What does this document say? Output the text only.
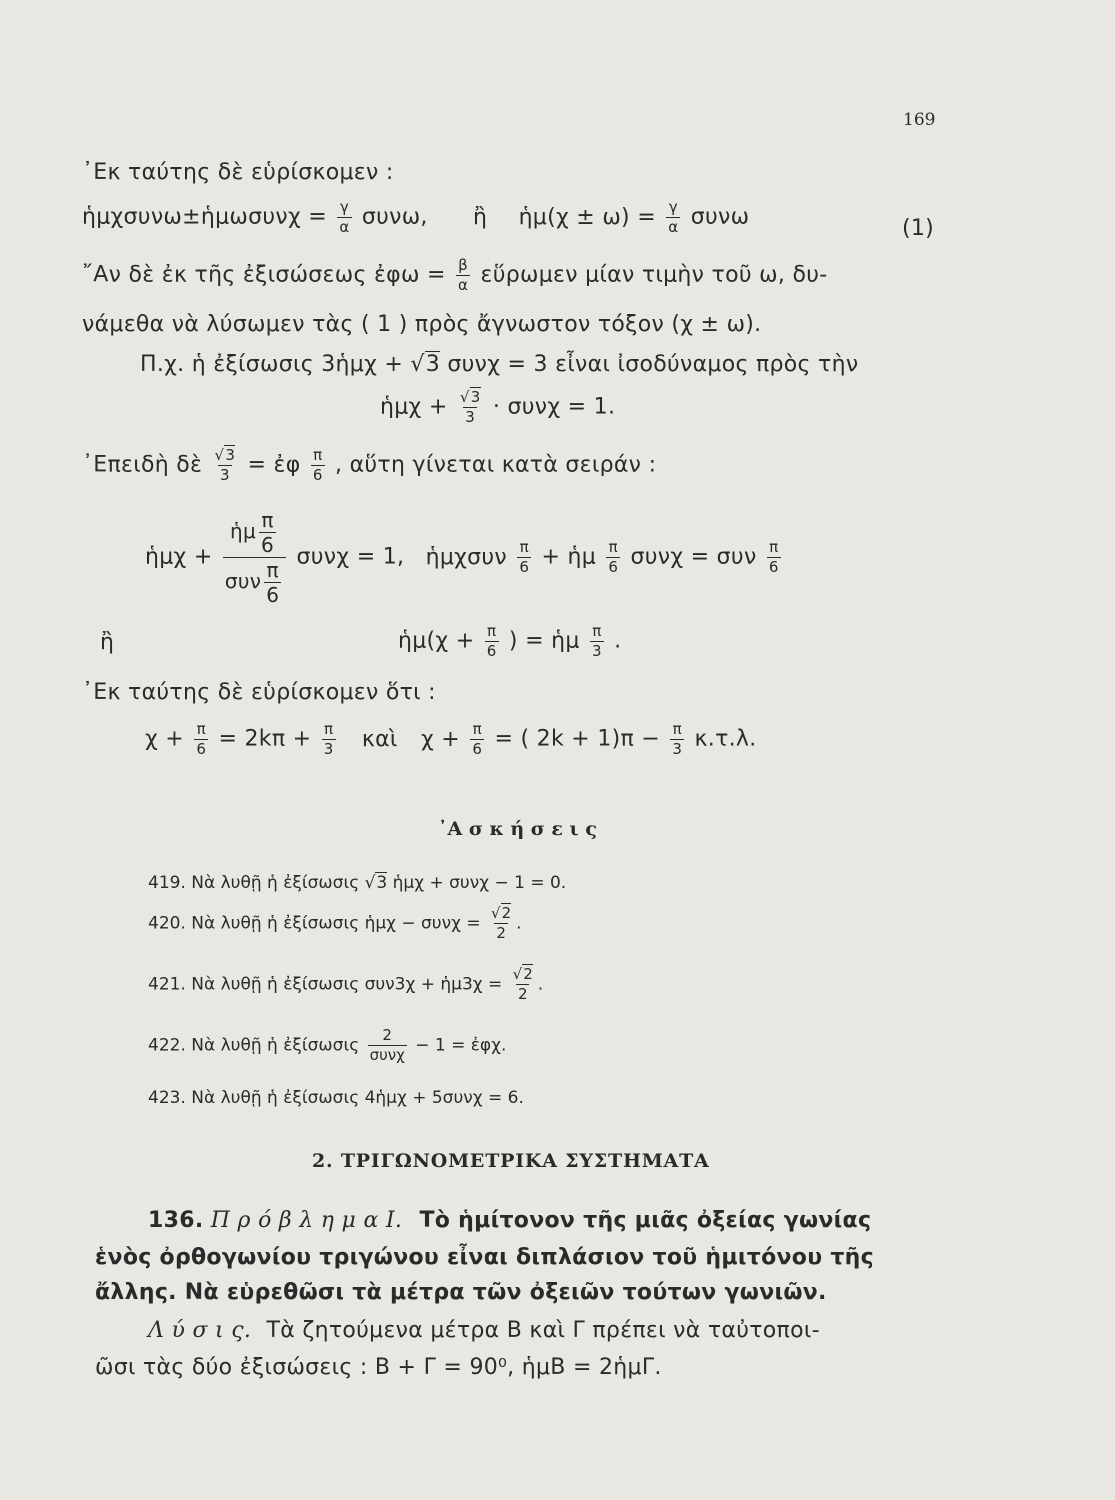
169
᾿Εκ ταύτης δὲ εὑρίσκομεν :
ἡμχσυνω±ἡμωσυνχ = $\frac{\gamma}{\alpha} \sigma\upsilon\nu\omega$, ἢ ἡμ(χ ± $\omega) = \frac{\gamma}{\alpha}$ συνω	(1)
῎Αν δὲ ἐκ τῆς ἐξισώσεως ἐφω = $\frac{\beta}{\alpha}$ εὕρωμεν μίαν τιμὴν τοῦ ω, δυ-
νάμεθα νὰ λύσωμεν τὰς ( 1 ) πρὸς ἄγνωστον τόξον (χ ± ω).
Π.χ. ἡ ἐξίσωσις 3ἡμχ + √3 συνχ = 3 εἶναι ἰσοδύναμος πρὸς τὴν
ἡμχ + $\frac{√3}{3} \cdot \sigma\upsilon\nu\chi = 1$.
᾿Επειδὴ δὲ $\frac{√3}{3}$ = ἐφ $\frac{\pi}{6}$ , αὕτη γίνεται κατὰ σειράν :
ἡμχ +
ἡμ $\frac{\pi}{6}$
συν $\frac{\pi}{6}$
συνχ = 1, ἡμχσυν $\frac{\pi}{6}$ + ἡμ $\frac{\pi}{6}$ συνχ = συν $\frac{\pi}{6}$
ἢ	ἡμ(χ + $\frac{\pi}{6}$ ) = ἡμ $\frac{\pi}{3}$ .
᾿Εκ ταύτης δὲ εὑρίσκομεν ὅτι :
$\chi + \frac{\pi}{6} = 2k\pi + \frac{\pi}{3}$ καὶ $\chi + \frac{\pi}{6}$ = ( $2k + 1)\pi - \frac{\pi}{3} \kappa.\tau.\lambda$.
᾿Α σ κ ή σ ε ι ς
419. Νὰ λυθῇ ἡ ἐξίσωσις √3 ἡμχ + συνχ − 1 = 0.
420. Νὰ λυθῇ ἡ ἐξίσωσις ἡμχ − $\sigma\upsilon\nu\chi = \frac{√2}{2}$ .
421. Νὰ λυθῇ ἡ ἐξίσωσις συν3χ + ἡμ3χ = $\frac{√2}{2}$ .
422. Νὰ λυθῇ ἡ ἐξίσωσις
2
συνχ − 1 = ἐφχ.
423. Νὰ λυθῇ ἡ ἐξίσωσις 4ἡμχ + 5συνχ = 6.
2. ΤΡΙΓΩΝΟΜΕΤΡΙΚΑ ΣΥΣΤΗΜΑΤΑ
136. Π ρ ό β λ η μ α Ι. Τὸ ἡμίτονον τῆς μιᾶς ὀξείας γωνίας
ἑνὸς ὀρθογωνίου τριγώνου εἶναι διπλάσιον τοῦ ἡμιτόνου τῆς
ἄλλης. Νὰ εὑρεθῶσι τὰ μέτρα τῶν ὀξειῶν τούτων γωνιῶν.
Λ ύ σ ι ς. Τὰ ζητούμενα μέτρα Β καὶ Γ πρέπει νὰ ταὐτοποι-
ῶσι τὰς δύο ἐξισώσεις : Β + Γ = 90⁰, ἡμΒ = 2ἡμΓ.
